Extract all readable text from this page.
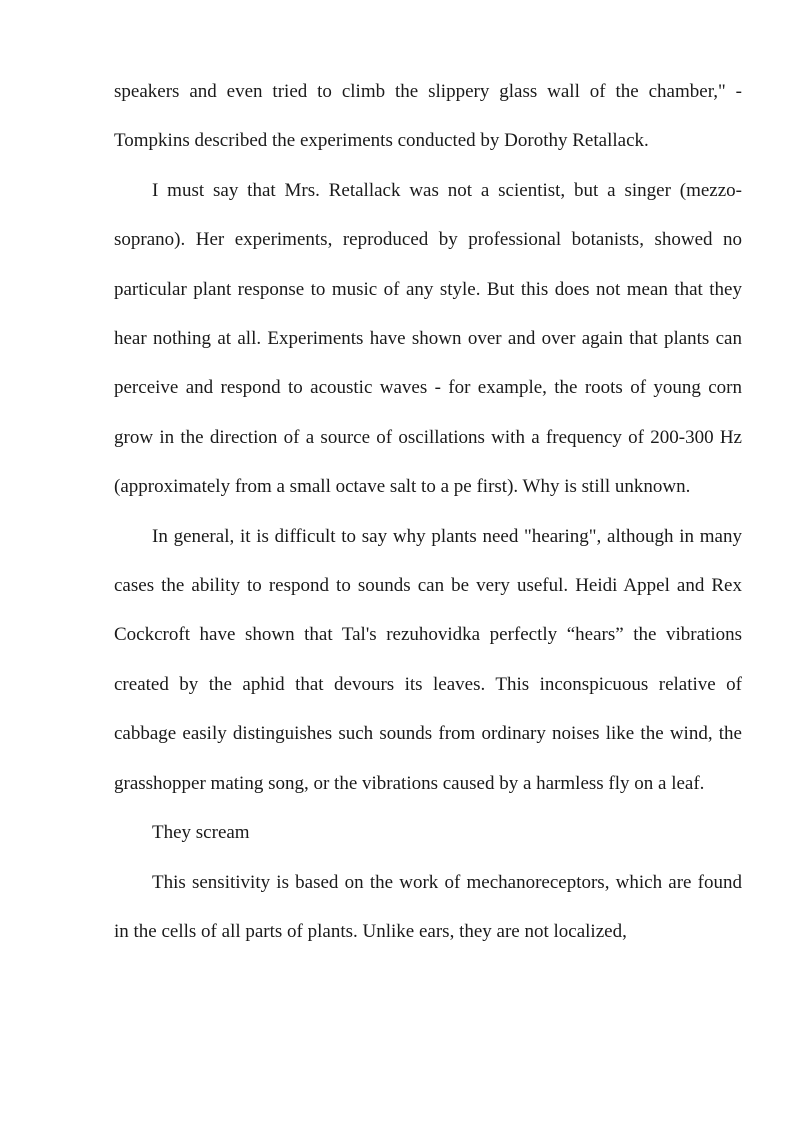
speakers and even tried to climb the slippery glass wall of the chamber," - Tompkins described the experiments conducted by Dorothy Retallack.

I must say that Mrs. Retallack was not a scientist, but a singer (mezzo-soprano). Her experiments, reproduced by professional botanists, showed no particular plant response to music of any style. But this does not mean that they hear nothing at all. Experiments have shown over and over again that plants can perceive and respond to acoustic waves - for example, the roots of young corn grow in the direction of a source of oscillations with a frequency of 200-300 Hz (approximately from a small octave salt to a pe first). Why is still unknown.

In general, it is difficult to say why plants need "hearing", although in many cases the ability to respond to sounds can be very useful. Heidi Appel and Rex Cockcroft have shown that Tal's rezuhovidka perfectly “hears” the vibrations created by the aphid that devours its leaves. This inconspicuous relative of cabbage easily distinguishes such sounds from ordinary noises like the wind, the grasshopper mating song, or the vibrations caused by a harmless fly on a leaf.

They scream

This sensitivity is based on the work of mechanoreceptors, which are found in the cells of all parts of plants. Unlike ears, they are not localized,
